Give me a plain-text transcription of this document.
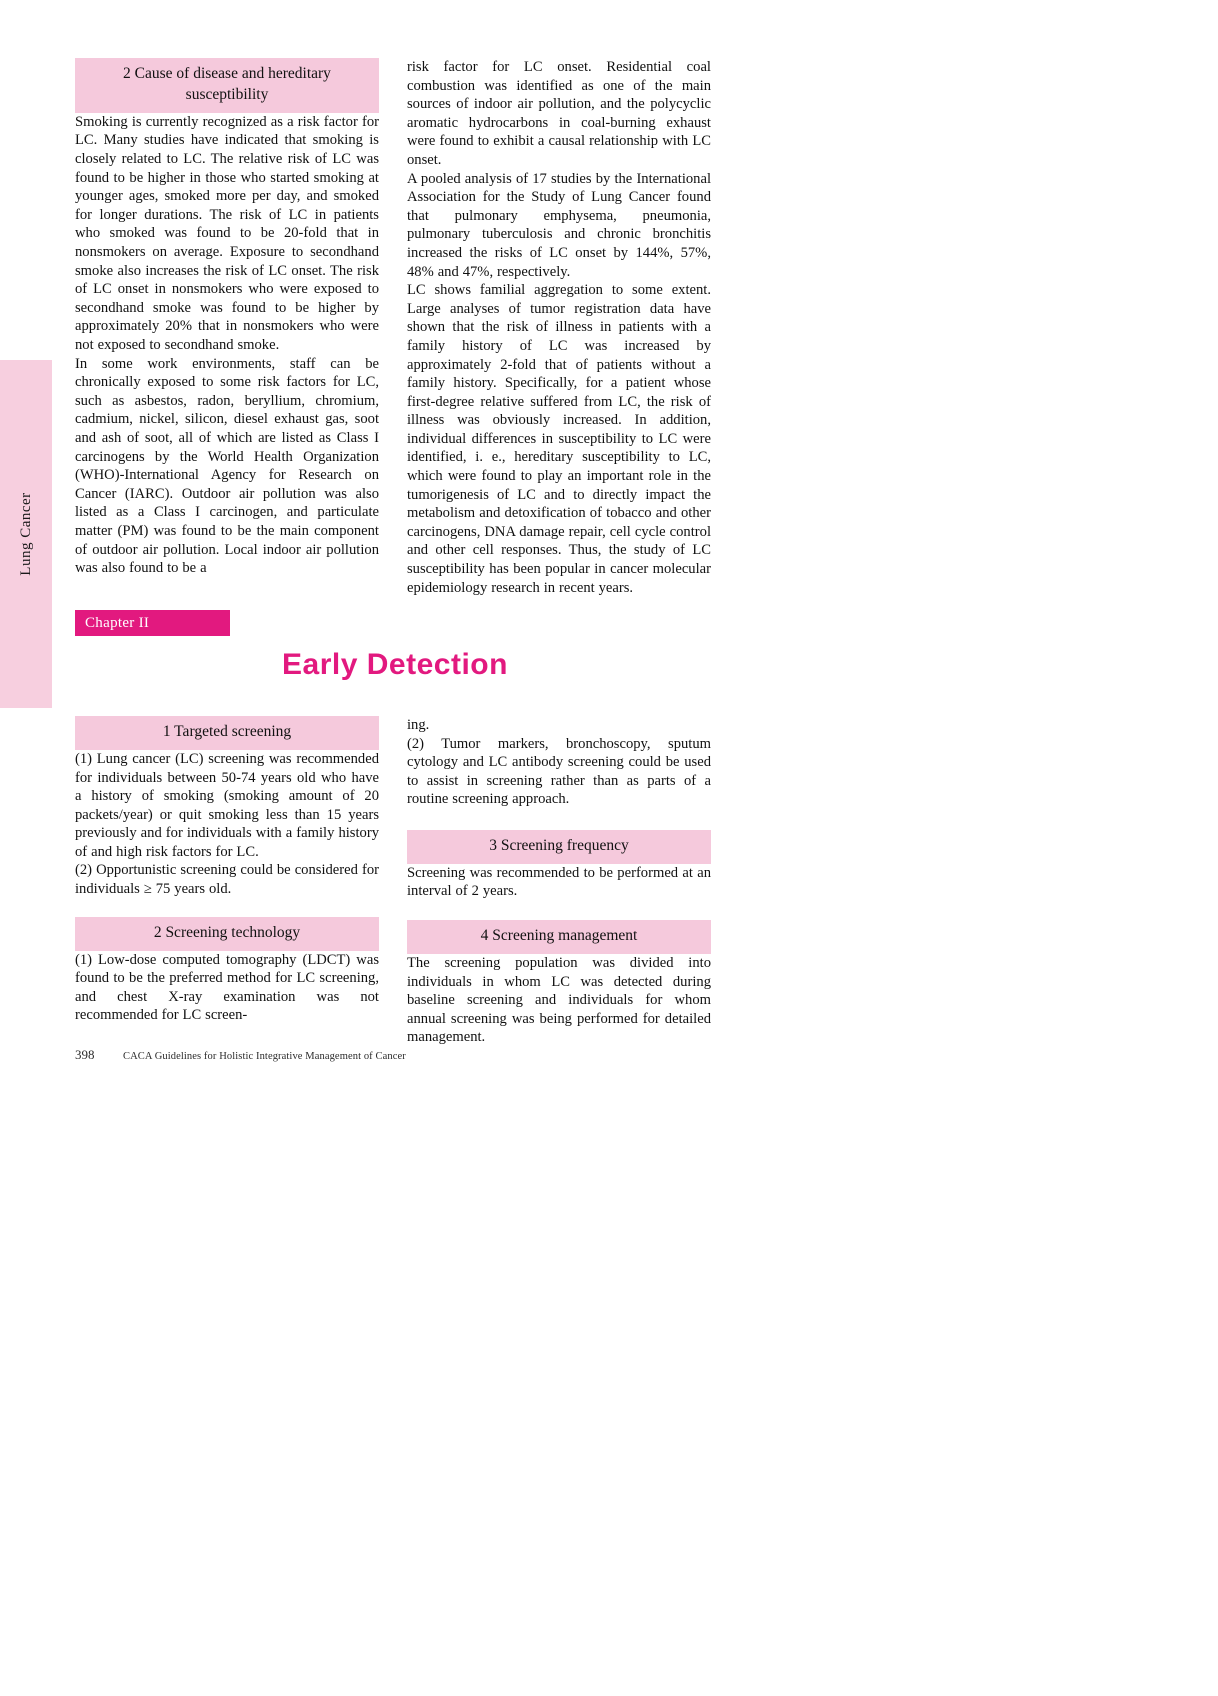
Lung Cancer
2 Cause of disease and hereditary susceptibility

Smoking is currently recognized as a risk factor for LC. Many studies have indicated that smoking is closely related to LC. The relative risk of LC was found to be higher in those who started smoking at younger ages, smoked more per day, and smoked for longer durations. The risk of LC in patients who smoked was found to be 20-fold that in nonsmokers on average. Exposure to secondhand smoke also increases the risk of LC onset. The risk of LC onset in nonsmokers who were exposed to secondhand smoke was found to be higher by approximately 20% that in nonsmokers who were not exposed to secondhand smoke.

In some work environments, staff can be chronically exposed to some risk factors for LC, such as asbestos, radon, beryllium, chromium, cadmium, nickel, silicon, diesel exhaust gas, soot and ash of soot, all of which are listed as Class I carcinogens by the World Health Organization (WHO)-International Agency for Research on Cancer (IARC). Outdoor air pollution was also listed as a Class I carcinogen, and particulate matter (PM) was found to be the main component of outdoor air pollution. Local indoor air pollution was also found to be a

risk factor for LC onset. Residential coal combustion was identified as one of the main sources of indoor air pollution, and the polycyclic aromatic hydrocarbons in coal-burning exhaust were found to exhibit a causal relationship with LC onset.

A pooled analysis of 17 studies by the International Association for the Study of Lung Cancer found that pulmonary emphysema, pneumonia, pulmonary tuberculosis and chronic bronchitis increased the risks of LC onset by 144%, 57%, 48% and 47%, respectively.

LC shows familial aggregation to some extent. Large analyses of tumor registration data have shown that the risk of illness in patients with a family history of LC was increased by approximately 2-fold that of patients without a family history. Specifically, for a patient whose first-degree relative suffered from LC, the risk of illness was obviously increased. In addition, individual differences in susceptibility to LC were identified, i. e., hereditary susceptibility to LC, which were found to play an important role in the tumorigenesis of LC and to directly impact the metabolism and detoxification of tobacco and other carcinogens, DNA damage repair, cell cycle control and other cell responses. Thus, the study of LC susceptibility has been popular in cancer molecular epidemiology research in recent years.

Chapter II
Early Detection
1 Targeted screening

(1) Lung cancer (LC) screening was recommended for individuals between 50-74 years old who have a history of smoking (smoking amount of 20 packets/year) or quit smoking less than 15 years previously and for individuals with a family history of and high risk factors for LC.

(2) Opportunistic screening could be considered for individuals ≥ 75 years old.

2 Screening technology

(1) Low-dose computed tomography (LDCT) was found to be the preferred method for LC screening, and chest X-ray examination was not recommended for LC screen-

ing.

(2) Tumor markers, bronchoscopy, sputum cytology and LC antibody screening could be used to assist in screening rather than as parts of a routine screening approach.

3 Screening frequency

Screening was recommended to be performed at an interval of 2 years.

4 Screening management

The screening population was divided into individuals in whom LC was detected during baseline screening and individuals for whom annual screening was being performed for detailed management.

398	CACA Guidelines for Holistic Integrative Management of Cancer
